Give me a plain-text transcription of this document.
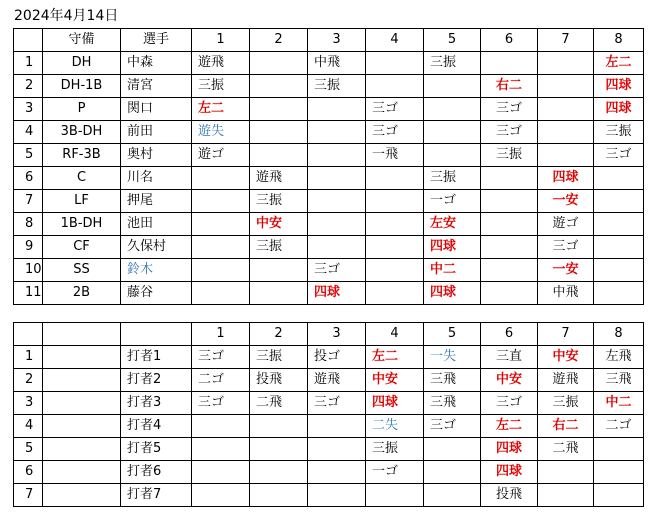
2024年4月14日
	守備	選手	1	2	3	4	5	6	7	8
1	DH	中森	遊飛		中飛		三振			左二
2	DH-1B	清宮	三振		三振			右二		四球
3	P	関口	左二			三ゴ		三ゴ		四球
4	3B-DH	前田	遊失			三ゴ		三ゴ		三振
5	RF-3B	奥村	遊ゴ			一飛		三振		三ゴ
6	C	川名		遊飛			三振		四球	
7	LF	押尾		三振			一ゴ		一安	
8	1B-DH	池田		中安			左安		遊ゴ	
9	CF	久保村		三振			四球		三ゴ	
10	SS	鈴木			三ゴ		中二		一安	
11	2B	藤谷			四球		四球		中飛	
			1	2	3	4	5	6	7	8
1		打者1	三ゴ	三振	投ゴ	左二	一失	三直	中安	左飛
2		打者2	二ゴ	投飛	遊飛	中安	三飛	中安	遊飛	三飛
3		打者3	三ゴ	二飛	三ゴ	四球	三飛	三ゴ	三振	中二
4		打者4				二失	三ゴ	左二	右二	二ゴ
5		打者5				三振		四球	二飛	
6		打者6				一ゴ		四球		
7		打者7						投飛		
